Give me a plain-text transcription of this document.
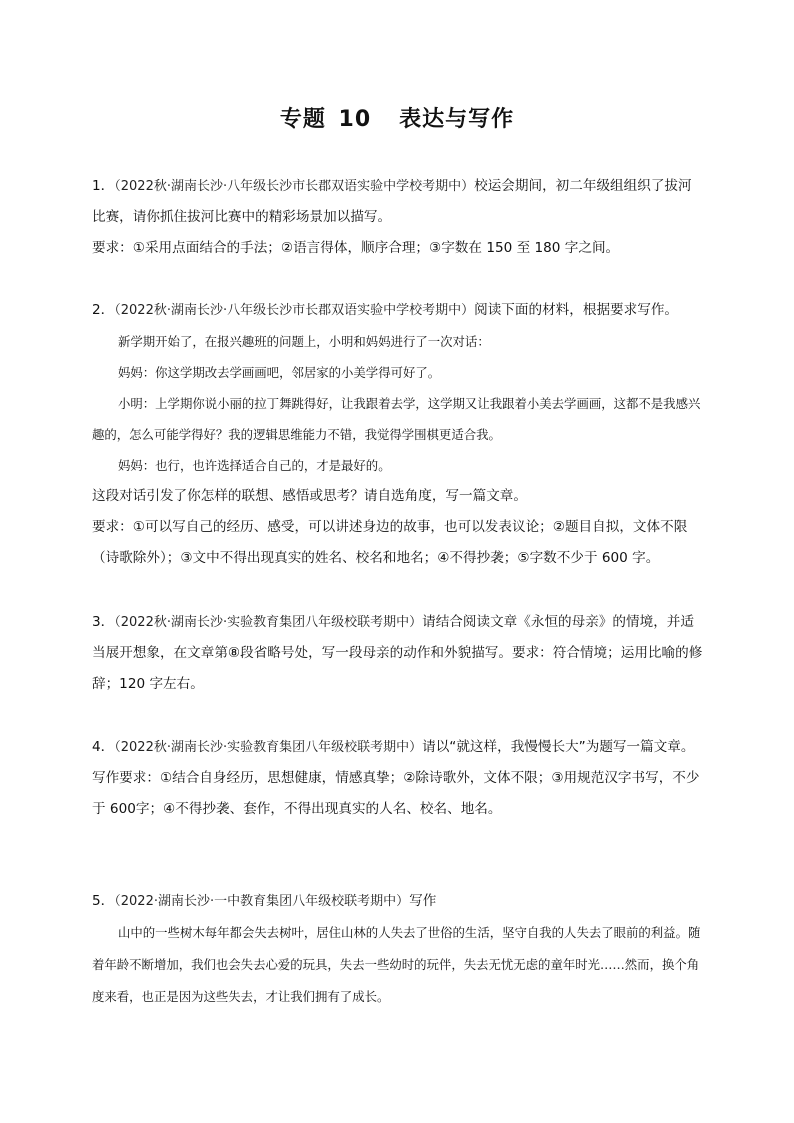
专题 10 表达与写作

1．（2022秋·湖南长沙·八年级长沙市长郡双语实验中学校考期中）校运会期间，初二年级组组织了拔河比赛，请你抓住拔河比赛中的精彩场景加以描写。

要求：①采用点面结合的手法；②语言得体，顺序合理；③字数在 150 至 180 字之间。

2．（2022秋·湖南长沙·八年级长沙市长郡双语实验中学校考期中）阅读下面的材料，根据要求写作。

新学期开始了，在报兴趣班的问题上，小明和妈妈进行了一次对话：

妈妈：你这学期改去学画画吧，邻居家的小美学得可好了。

小明：上学期你说小丽的拉丁舞跳得好，让我跟着去学，这学期又让我跟着小美去学画画，这都不是我感兴趣的，怎么可能学得好？我的逻辑思维能力不错，我觉得学围棋更适合我。

妈妈：也行，也许选择适合自己的，才是最好的。

这段对话引发了你怎样的联想、感悟或思考？请自选角度，写一篇文章。

要求：①可以写自己的经历、感受，可以讲述身边的故事，也可以发表议论；②题目自拟，文体不限（诗歌除外）；③文中不得出现真实的姓名、校名和地名；④不得抄袭；⑤字数不少于 600 字。

3．（2022秋·湖南长沙·实验教育集团八年级校联考期中）请结合阅读文章《永恒的母亲》的情境，并适当展开想象，在文章第⑧段省略号处，写一段母亲的动作和外貌描写。要求：符合情境；运用比喻的修辞；120 字左右。

4．（2022秋·湖南长沙·实验教育集团八年级校联考期中）请以“就这样，我慢慢长大”为题写一篇文章。

写作要求：①结合自身经历，思想健康，情感真挚；②除诗歌外，文体不限；③用规范汉字书写，不少于 600字；④不得抄袭、套作，不得出现真实的人名、校名、地名。

5．（2022·湖南长沙·一中教育集团八年级校联考期中）写作

山中的一些树木每年都会失去树叶，居住山林的人失去了世俗的生活，坚守自我的人失去了眼前的利益。随着年龄不断增加，我们也会失去心爱的玩具，失去一些幼时的玩伴，失去无忧无虑的童年时光……然而，换个角度来看，也正是因为这些失去，才让我们拥有了成长。
